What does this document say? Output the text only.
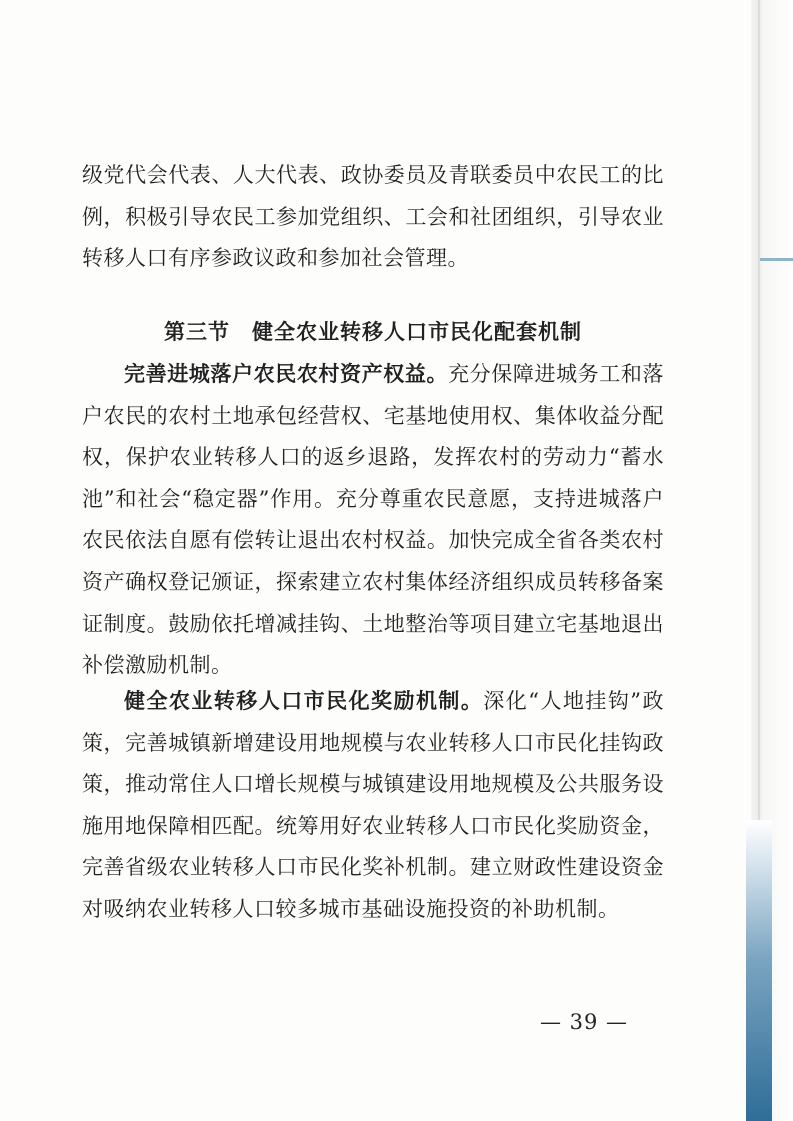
级党代会代表、人大代表、政协委员及青联委员中农民工的比例，积极引导农民工参加党组织、工会和社团组织，引导农业转移人口有序参政议政和参加社会管理。
第三节 健全农业转移人口市民化配套机制
完善进城落户农民农村资产权益。充分保障进城务工和落户农民的农村土地承包经营权、宅基地使用权、集体收益分配权，保护农业转移人口的返乡退路，发挥农村的劳动力“蓄水池”和社会“稳定器”作用。充分尊重农民意愿，支持进城落户农民依法自愿有偿转让退出农村权益。加快完成全省各类农村资产确权登记颁证，探索建立农村集体经济组织成员转移备案证制度。鼓励依托增减挂钩、土地整治等项目建立宅基地退出补偿激励机制。
健全农业转移人口市民化奖励机制。深化“人地挂钩”政策，完善城镇新增建设用地规模与农业转移人口市民化挂钩政策，推动常住人口增长规模与城镇建设用地规模及公共服务设施用地保障相匹配。统筹用好农业转移人口市民化奖励资金，完善省级农业转移人口市民化奖补机制。建立财政性建设资金对吸纳农业转移人口较多城市基础设施投资的补助机制。
— 39 —
